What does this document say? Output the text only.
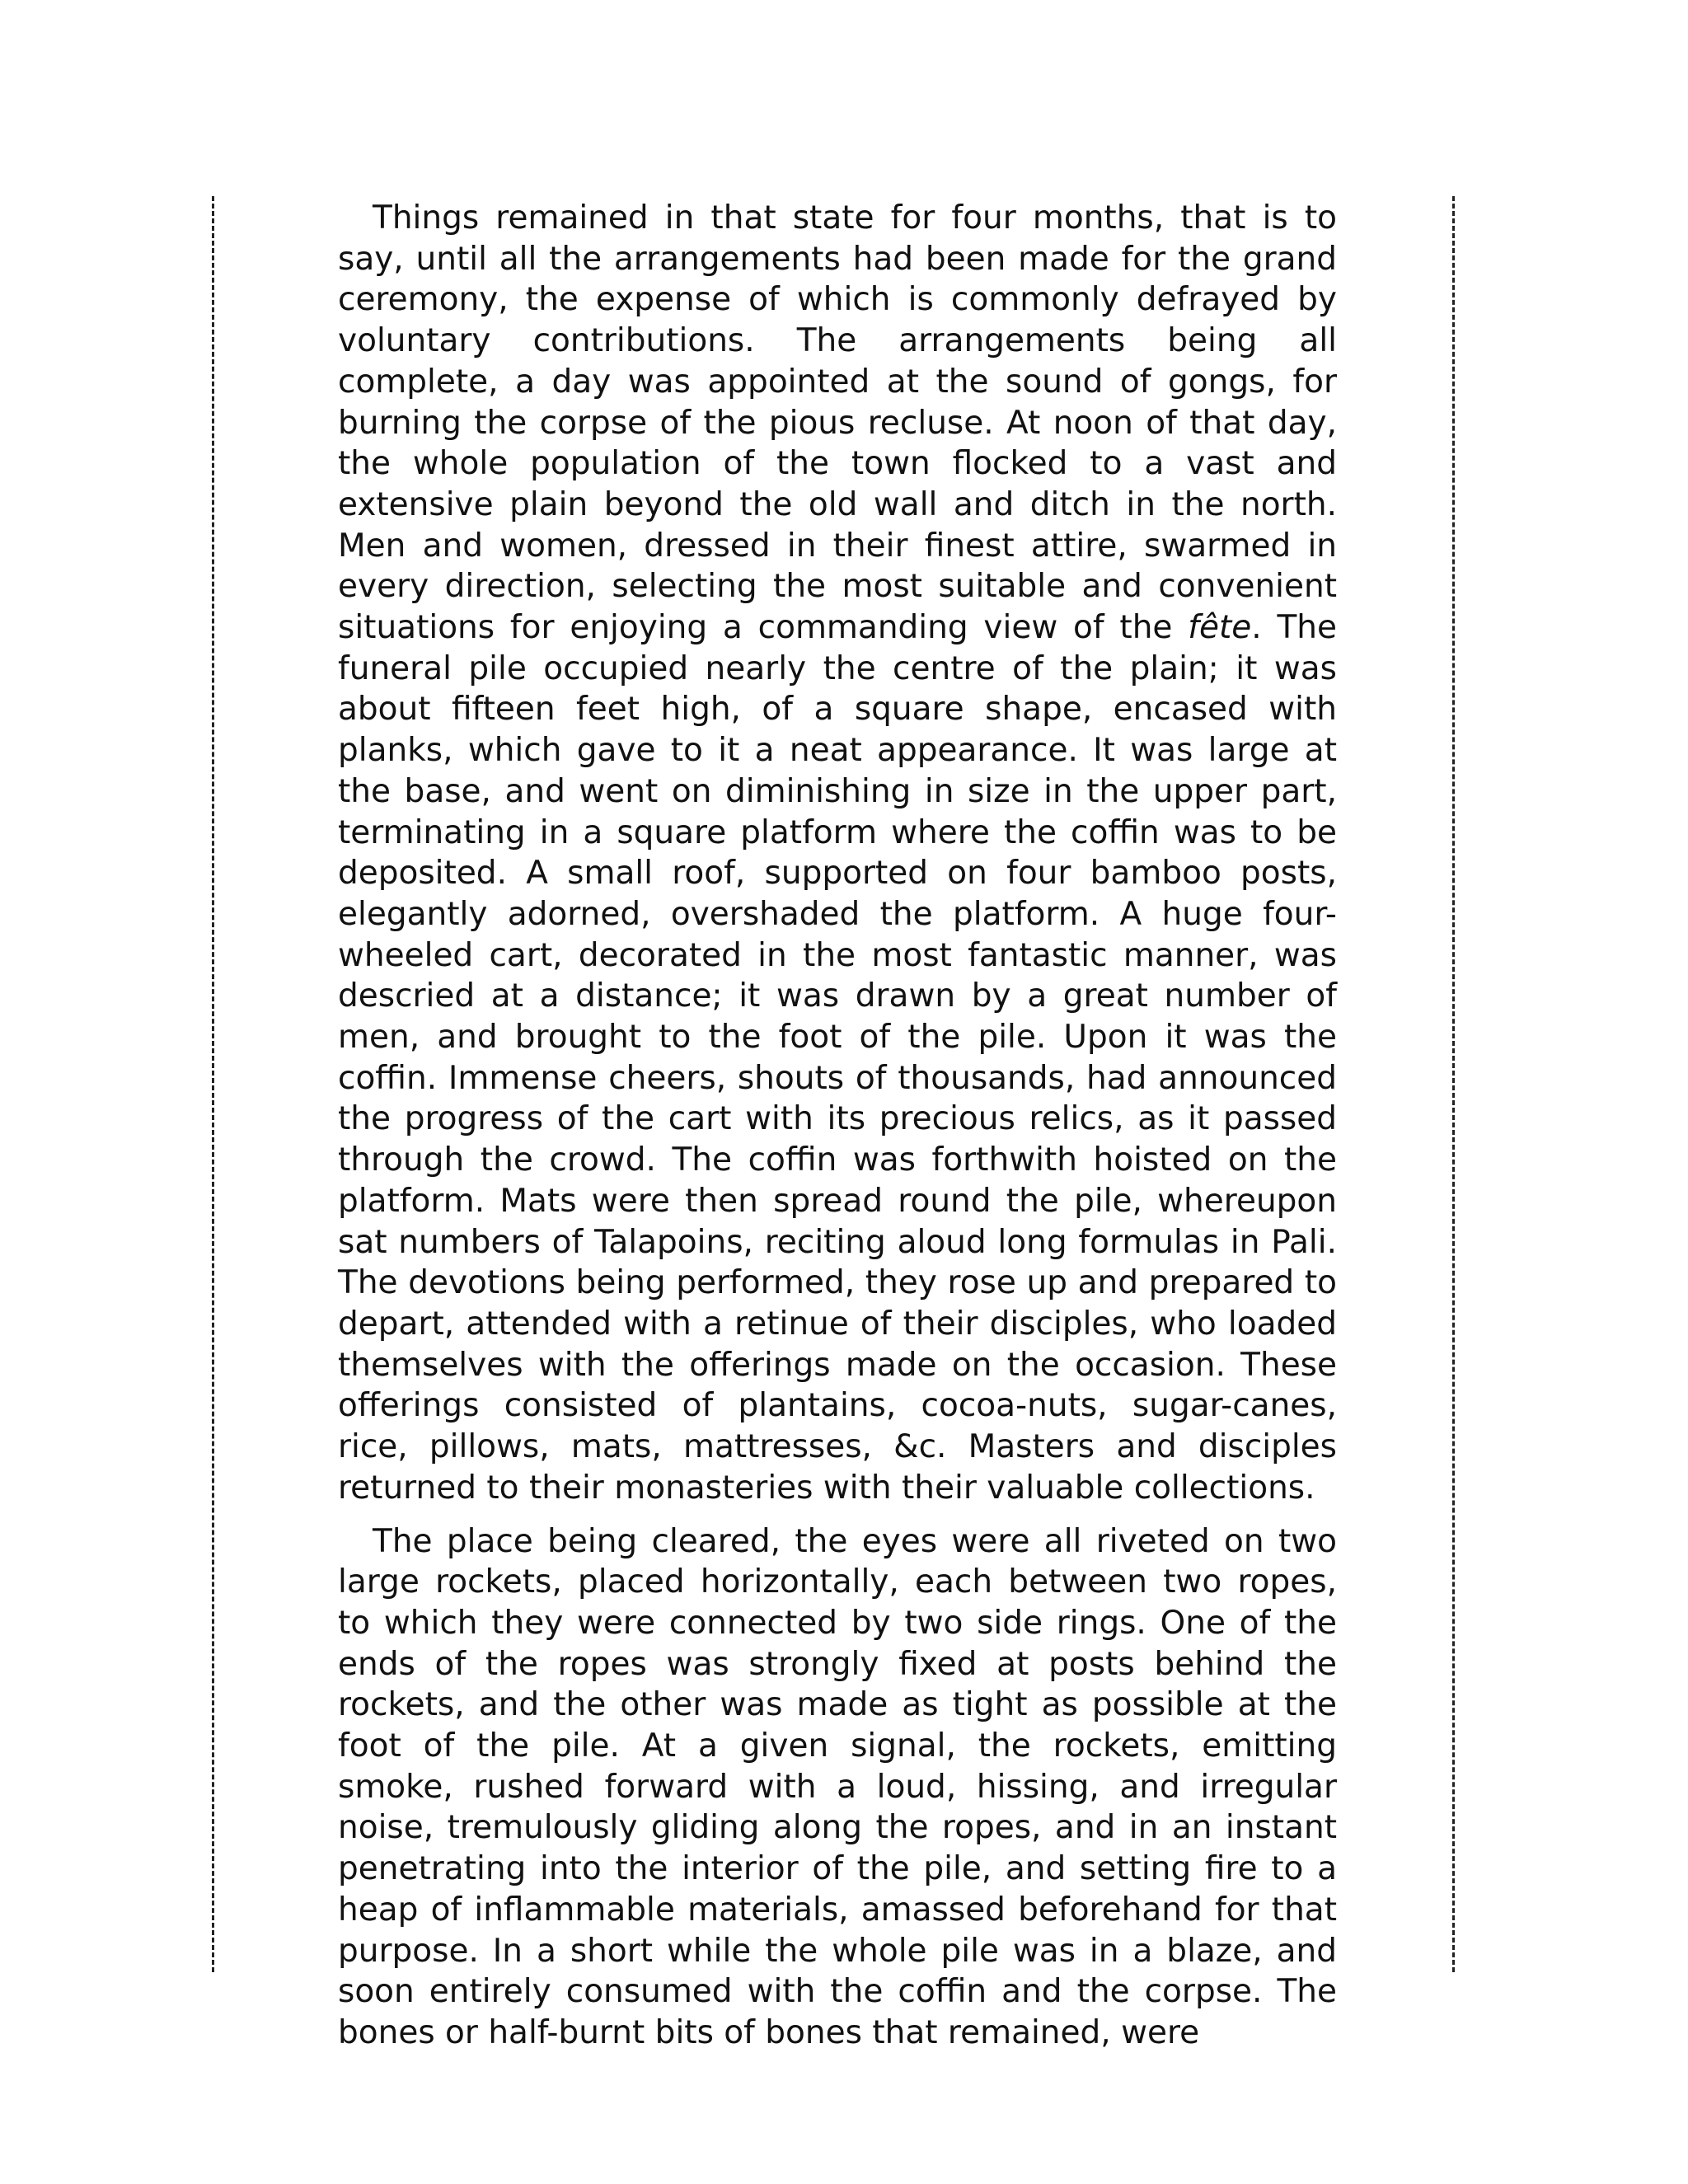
Things remained in that state for four months, that is to say, until all the arrangements had been made for the grand ceremony, the expense of which is commonly defrayed by voluntary contributions. The arrangements being all complete, a day was appointed at the sound of gongs, for burning the corpse of the pious recluse. At noon of that day, the whole population of the town flocked to a vast and extensive plain beyond the old wall and ditch in the north. Men and women, dressed in their finest attire, swarmed in every direction, selecting the most suitable and convenient situations for enjoying a commanding view of the fête. The funeral pile occupied nearly the centre of the plain; it was about fifteen feet high, of a square shape, encased with planks, which gave to it a neat appearance. It was large at the base, and went on diminishing in size in the upper part, terminating in a square platform where the coffin was to be deposited. A small roof, supported on four bamboo posts, elegantly adorned, overshaded the platform. A huge four-wheeled cart, decorated in the most fantastic manner, was descried at a distance; it was drawn by a great number of men, and brought to the foot of the pile. Upon it was the coffin. Immense cheers, shouts of thousands, had announced the progress of the cart with its precious relics, as it passed through the crowd. The coffin was forthwith hoisted on the platform. Mats were then spread round the pile, whereupon sat numbers of Talapoins, reciting aloud long formulas in Pali. The devotions being performed, they rose up and prepared to depart, attended with a retinue of their disciples, who loaded themselves with the offerings made on the occasion. These offerings consisted of plantains, cocoa-nuts, sugar-canes, rice, pillows, mats, mattresses, &c. Masters and disciples returned to their monasteries with their valuable collections.

The place being cleared, the eyes were all riveted on two large rockets, placed horizontally, each between two ropes, to which they were connected by two side rings. One of the ends of the ropes was strongly fixed at posts behind the rockets, and the other was made as tight as possible at the foot of the pile. At a given signal, the rockets, emitting smoke, rushed forward with a loud, hissing, and irregular noise, tremulously gliding along the ropes, and in an instant penetrating into the interior of the pile, and setting fire to a heap of inflammable materials, amassed beforehand for that purpose. In a short while the whole pile was in a blaze, and soon entirely consumed with the coffin and the corpse. The bones or half-burnt bits of bones that remained, were
